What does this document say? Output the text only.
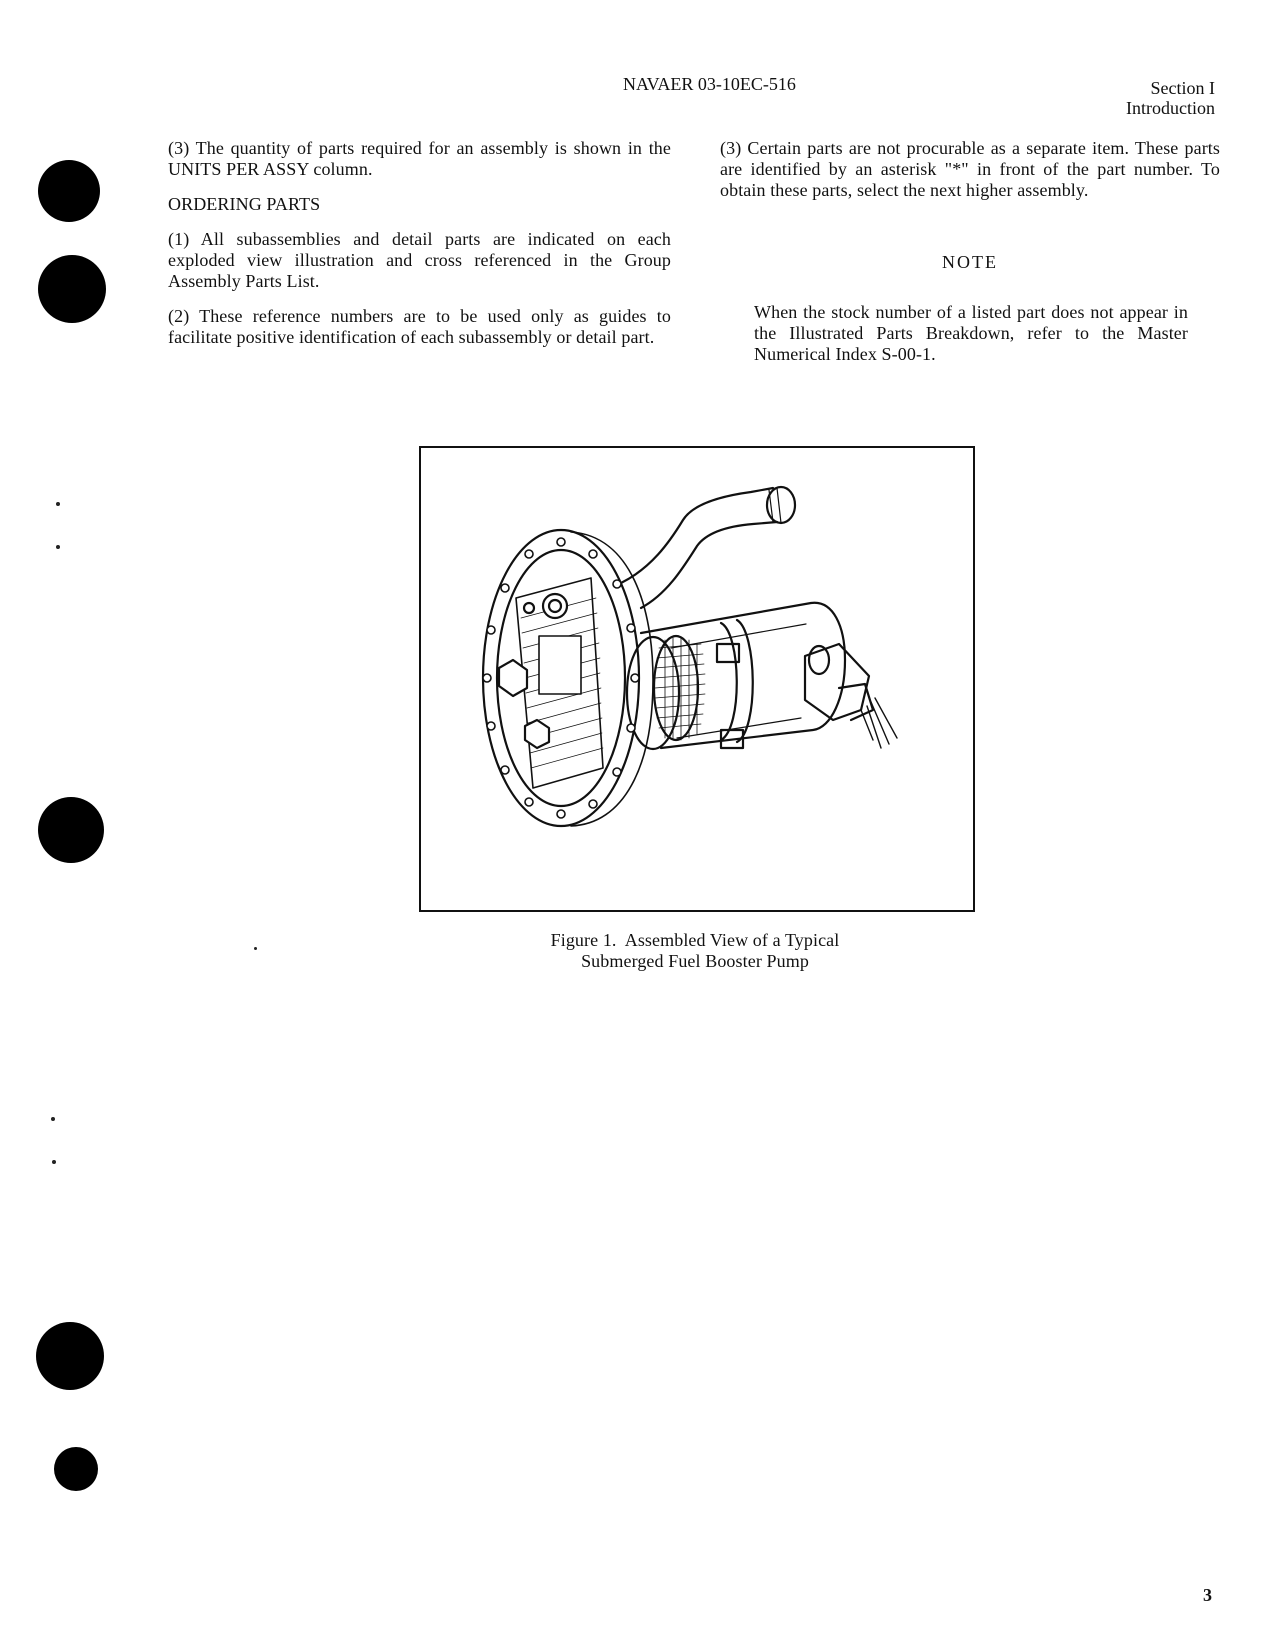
NAVAER 03-10EC-516	Section I
Introduction

(3) The quantity of parts required for an assembly is shown in the UNITS PER ASSY column.

ORDERING PARTS

(1) All subassemblies and detail parts are indicated on each exploded view illustration and cross referenced in the Group Assembly Parts List.

(2) These reference numbers are to be used only as guides to facilitate positive identification of each subassembly or detail part.

(3) Certain parts are not procurable as a separate item. These parts are identified by an asterisk "*" in front of the part number. To obtain these parts, select the next higher assembly.

NOTE
When the stock number of a listed part does not appear in the Illustrated Parts Breakdown, refer to the Master Numerical Index S-00-1.
Figure 1.  Assembled View of a Typical
Submerged Fuel Booster Pump
3
